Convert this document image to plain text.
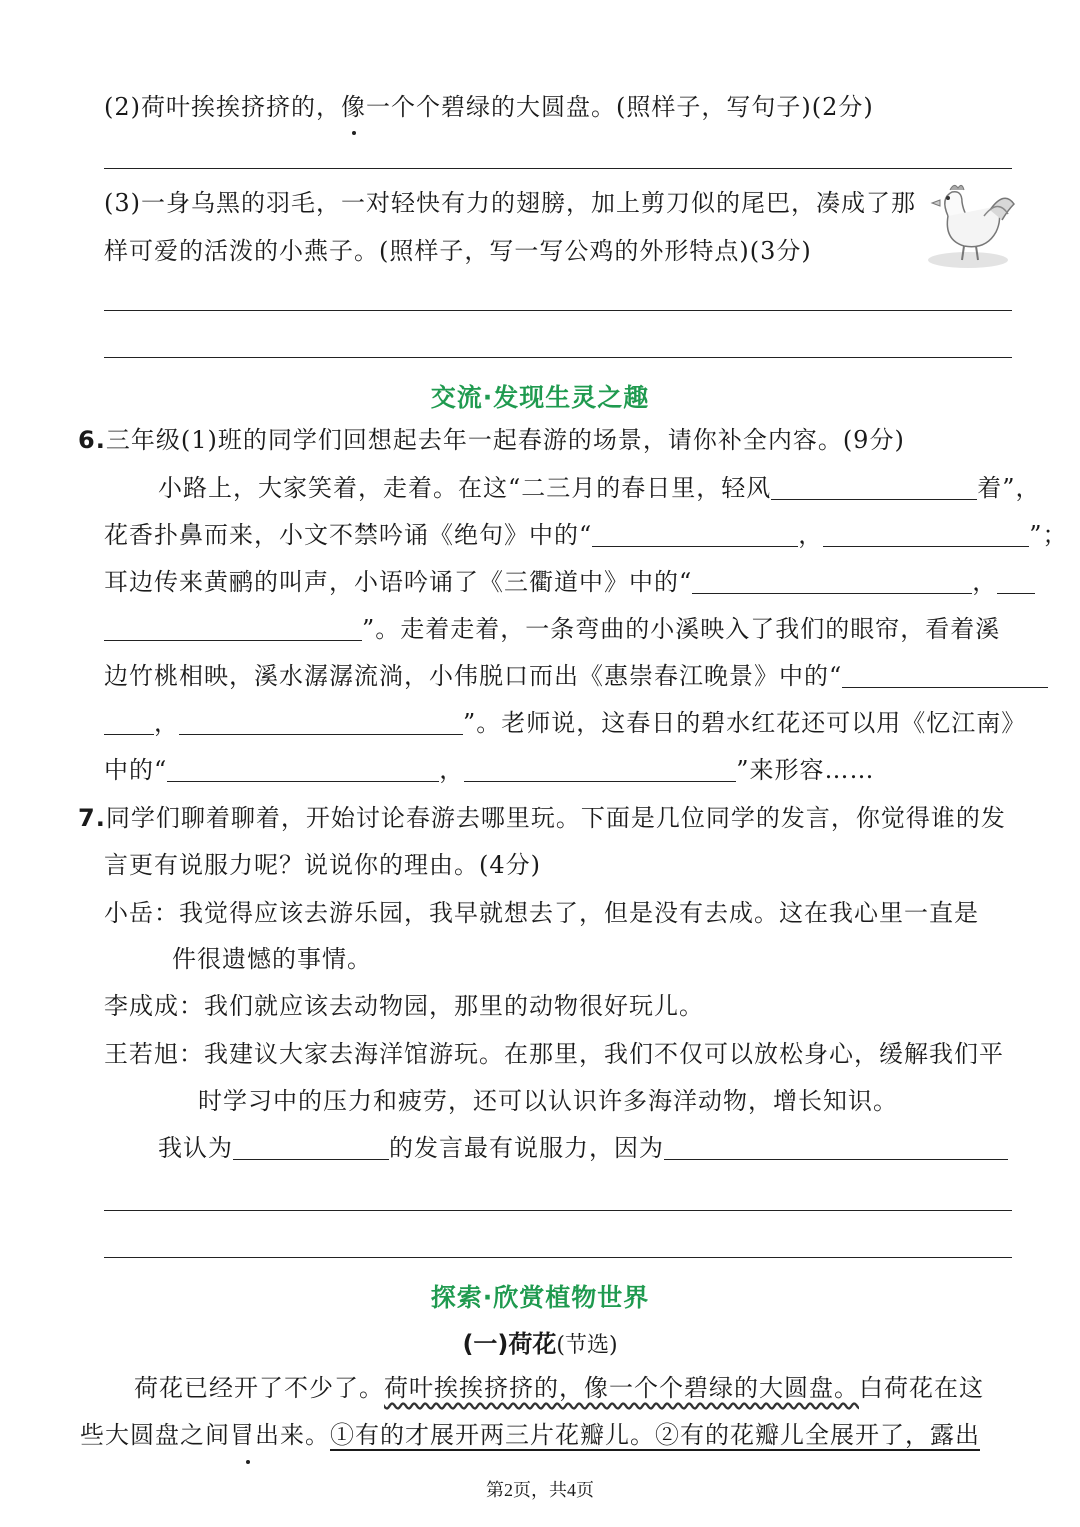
(2)荷叶挨挨挤挤的，像一个个碧绿的大圆盘。(照样子，写句子)(2分)
(3)一身乌黑的羽毛，一对轻快有力的翅膀，加上剪刀似的尾巴，凑成了那
样可爱的活泼的小燕子。(照样子，写一写公鸡的外形特点)(3分)
交流·发现生灵之趣
6.三年级(1)班的同学们回想起去年一起春游的场景，请你补全内容。(9分)
小路上，大家笑着，走着。在这“二三月的春日里，轻风	着”，
花香扑鼻而来，小文不禁吟诵《绝句》中的“	，	”；
耳边传来黄鹂的叫声，小语吟诵了《三衢道中》中的“	，
”。走着走着，一条弯曲的小溪映入了我们的眼帘，看着溪
边竹桃相映，溪水潺潺流淌，小伟脱口而出《惠崇春江晚景》中的“
，	”。老师说，这春日的碧水红花还可以用《忆江南》
中的“	，	”来形容……
7.同学们聊着聊着，开始讨论春游去哪里玩。下面是几位同学的发言，你觉得谁的发
言更有说服力呢？说说你的理由。(4分)
小岳：我觉得应该去游乐园，我早就想去了，但是没有去成。这在我心里一直是
件很遗憾的事情。
李成成：我们就应该去动物园，那里的动物很好玩儿。
王若旭：我建议大家去海洋馆游玩。在那里，我们不仅可以放松身心，缓解我们平
时学习中的压力和疲劳，还可以认识许多海洋动物，增长知识。
我认为	的发言最有说服力，因为
探索·欣赏植物世界
(一)荷花(节选)
荷花已经开了不少了。荷叶挨挨挤挤的，像一个个碧绿的大圆盘。白荷花在这
些大圆盘之间冒出来。①有的才展开两三片花瓣儿。②有的花瓣儿全展开了，露出
第2页，共4页
